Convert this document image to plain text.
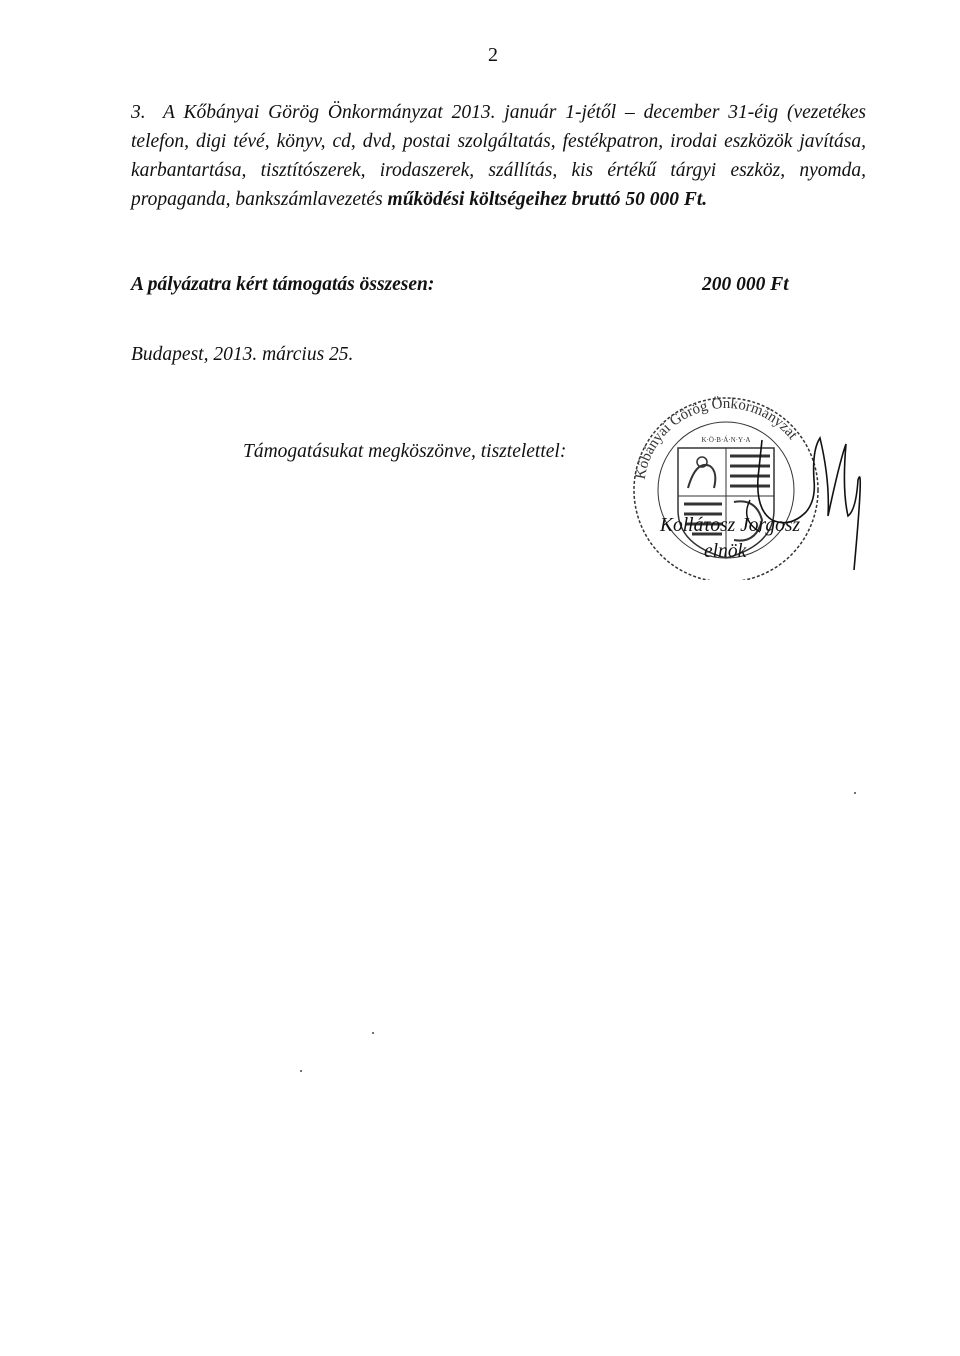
2
3. A Kőbányai Görög Önkormányzat 2013. január 1-jétől – december 31-éig (vezetékes telefon, digi tévé, könyv, cd, dvd, postai szolgáltatás, festékpatron, irodai eszközök javítása, karbantartása, tisztítószerek, irodaszerek, szállítás, kis értékű tárgyi eszköz, nyomda, propaganda, bankszámlavezetés működési költségeihez bruttó 50 000 Ft.
A pályázatra kért támogatás összesen:	200 000 Ft
Budapest, 2013. március 25.
Támogatásukat megköszönve, tisztelettel:
Kőbányai Görög Önkormányzat
K·Ö·B·Á·N·Y·A
Kolláτosz Jorgosz
elnök
